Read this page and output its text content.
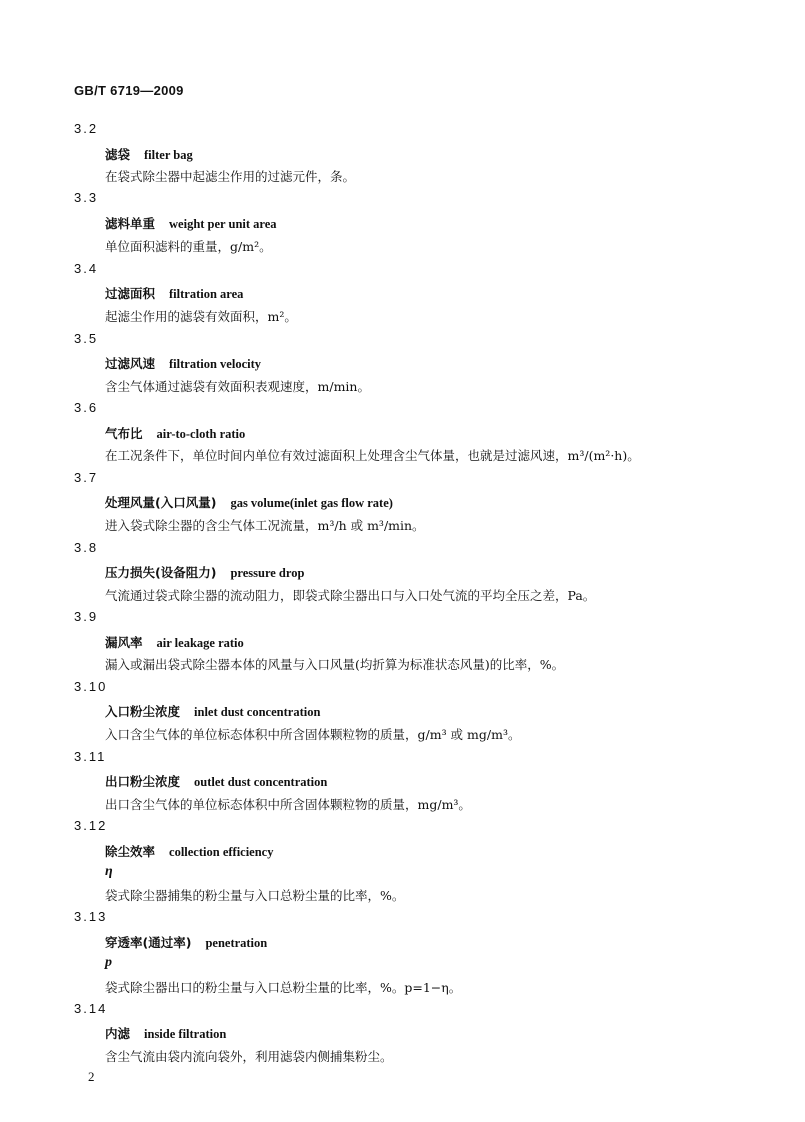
GB/T 6719—2009
3.2
滤袋 filter bag
在袋式除尘器中起滤尘作用的过滤元件，条。
3.3
滤料单重 weight per unit area
单位面积滤料的重量，g/m²。
3.4
过滤面积 filtration area
起滤尘作用的滤袋有效面积，m²。
3.5
过滤风速 filtration velocity
含尘气体通过滤袋有效面积表观速度，m/min。
3.6
气布比 air-to-cloth ratio
在工况条件下，单位时间内单位有效过滤面积上处理含尘气体量，也就是过滤风速，m³/(m²·h)。
3.7
处理风量(入口风量) gas volume(inlet gas flow rate)
进入袋式除尘器的含尘气体工况流量，m³/h 或 m³/min。
3.8
压力损失(设备阻力) pressure drop
气流通过袋式除尘器的流动阻力，即袋式除尘器出口与入口处气流的平均全压之差，Pa。
3.9
漏风率 air leakage ratio
漏入或漏出袋式除尘器本体的风量与入口风量(均折算为标准状态风量)的比率，%。
3.10
入口粉尘浓度 inlet dust concentration
入口含尘气体的单位标态体积中所含固体颗粒物的质量，g/m³ 或 mg/m³。
3.11
出口粉尘浓度 outlet dust concentration
出口含尘气体的单位标态体积中所含固体颗粒物的质量，mg/m³。
3.12
除尘效率 collection efficiency
η
袋式除尘器捕集的粉尘量与入口总粉尘量的比率，%。
3.13
穿透率(通过率) penetration
p
袋式除尘器出口的粉尘量与入口总粉尘量的比率，%。p=1−η。
3.14
内滤 inside filtration
含尘气流由袋内流向袋外，利用滤袋内侧捕集粉尘。
2
